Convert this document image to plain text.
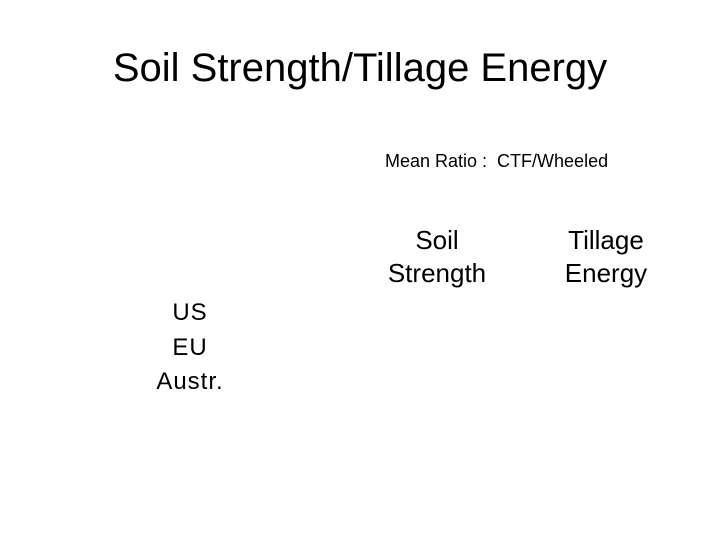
Soil Strength/Tillage Energy
Mean Ratio :  CTF/Wheeled
Soil
Strength
Tillage
Energy
US
EU
Austr.
